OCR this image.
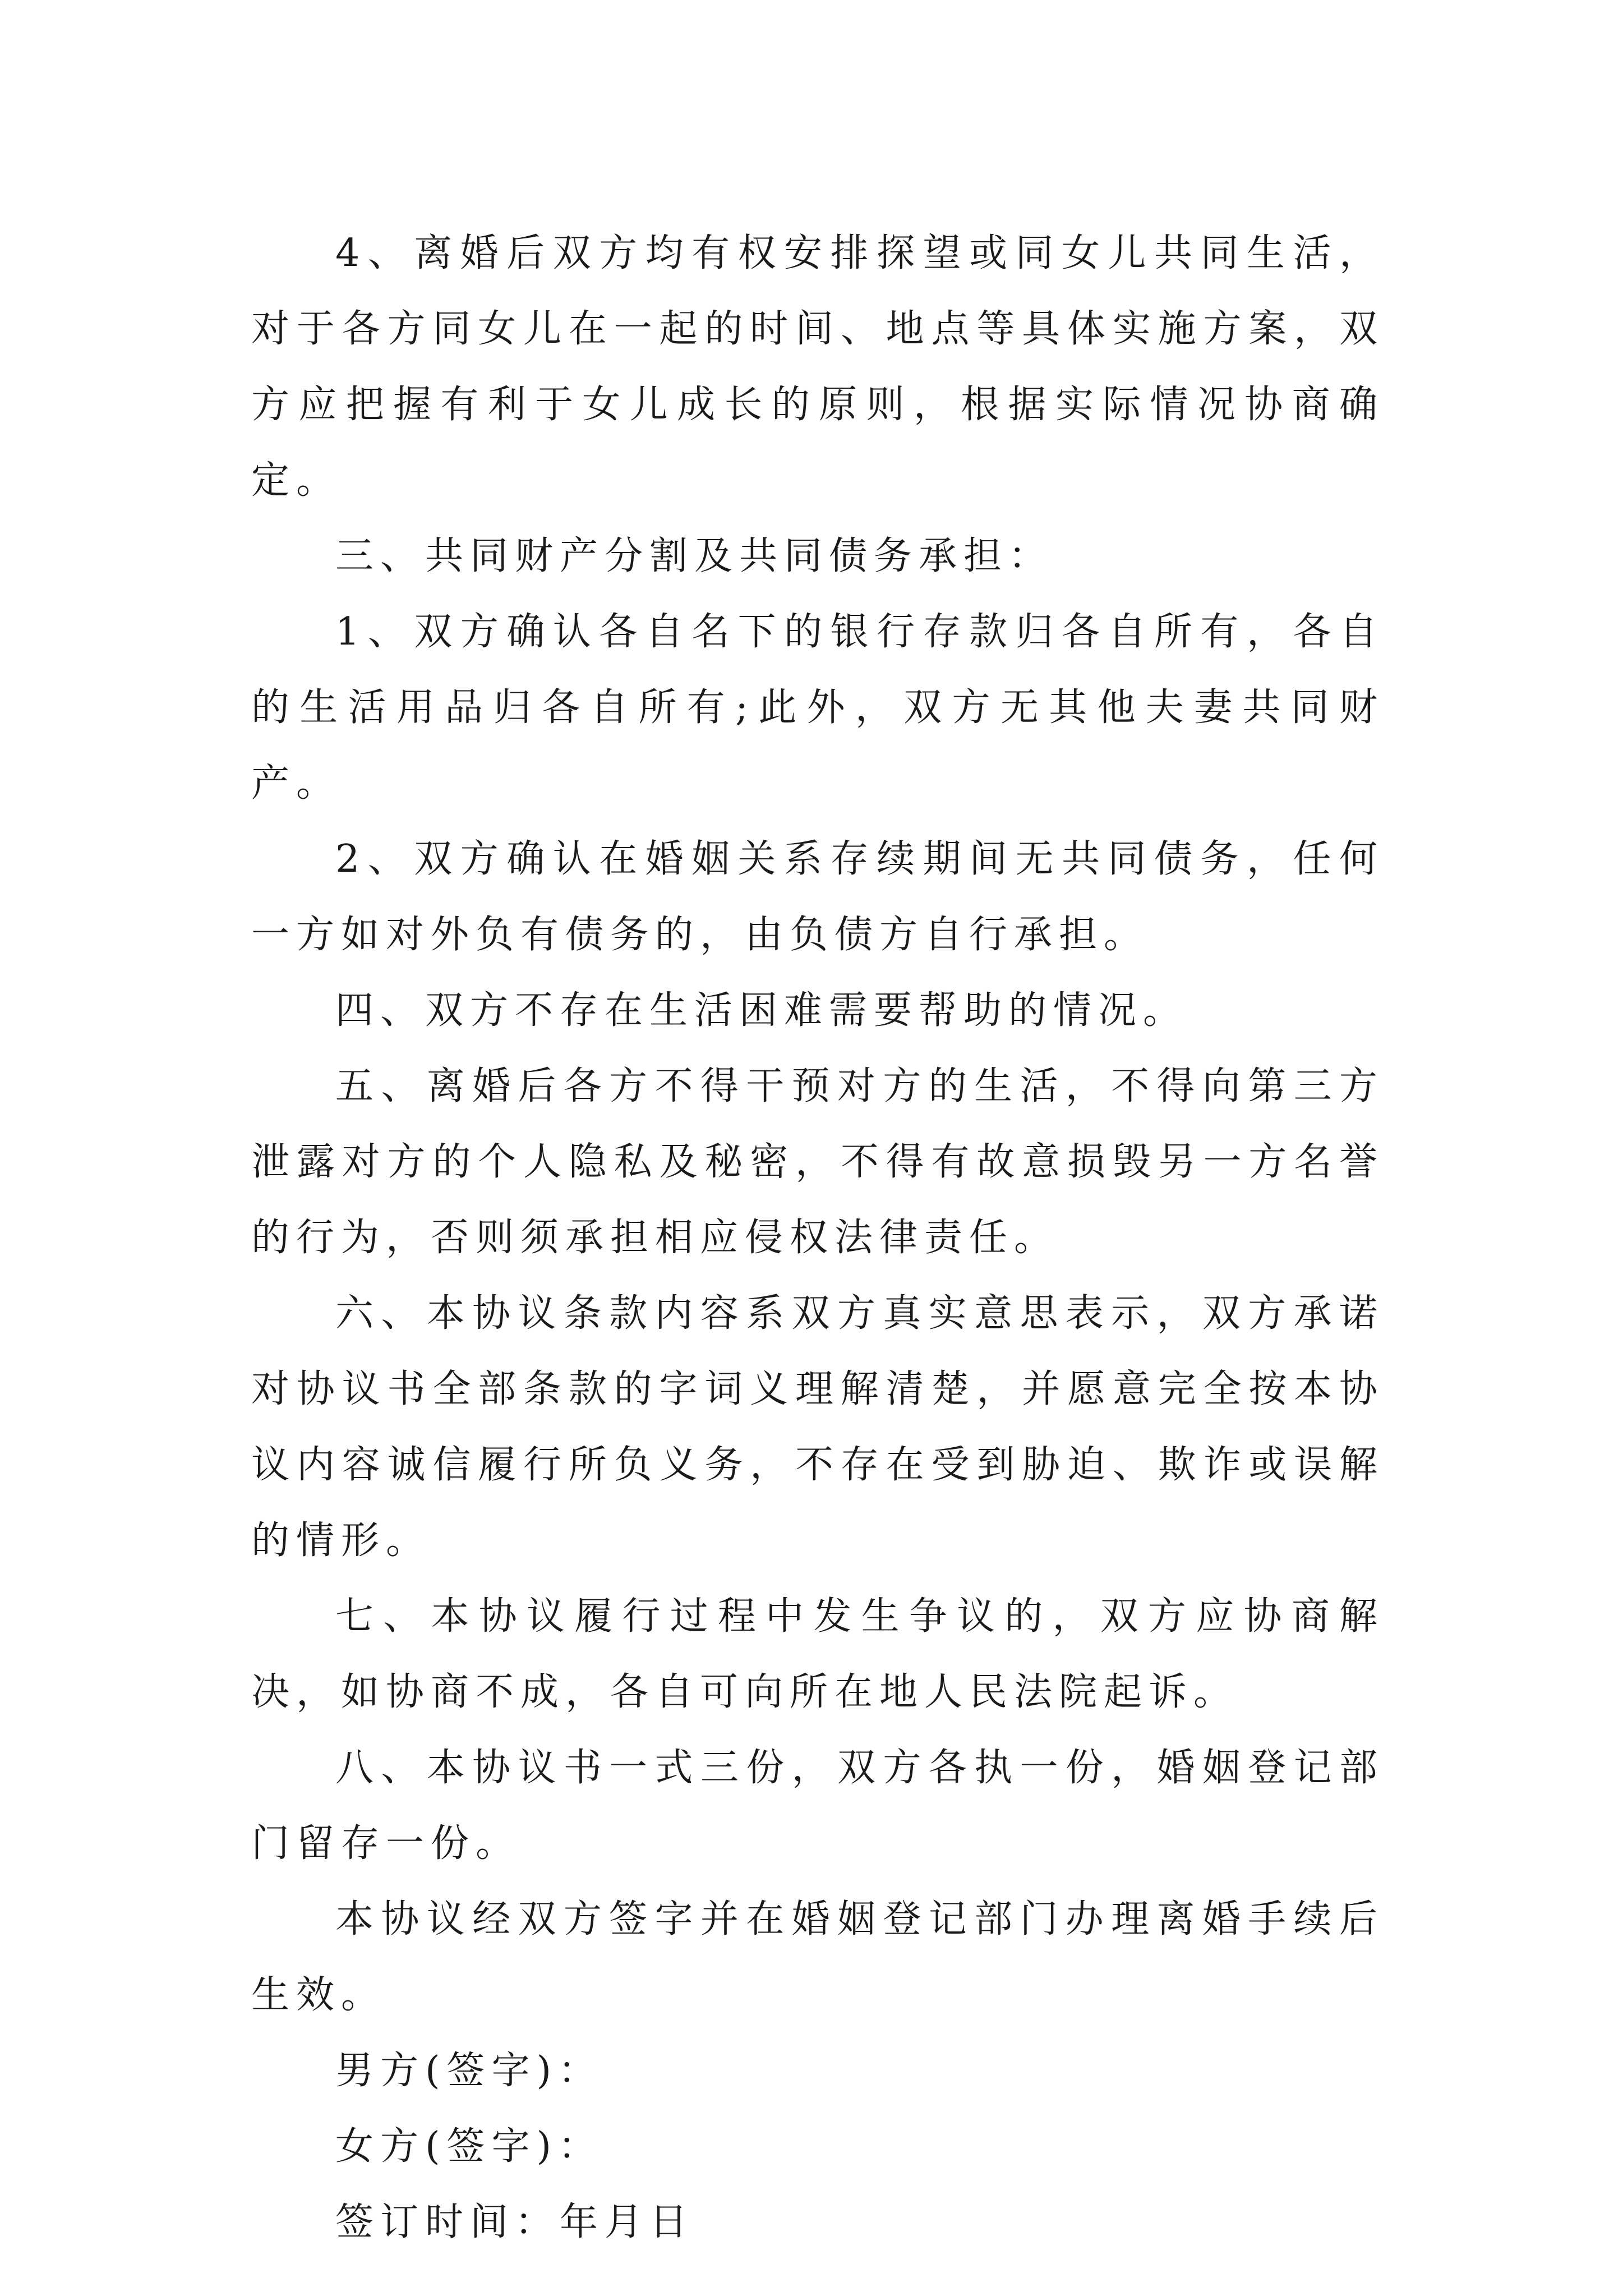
4、离婚后双方均有权安排探望或同女儿共同生活，对于各方同女儿在一起的时间、地点等具体实施方案，双方应把握有利于女儿成长的原则，根据实际情况协商确定。

三、共同财产分割及共同债务承担：

1、双方确认各自名下的银行存款归各自所有，各自的生活用品归各自所有;此外，双方无其他夫妻共同财产。

2、双方确认在婚姻关系存续期间无共同债务，任何一方如对外负有债务的，由负债方自行承担。

四、双方不存在生活困难需要帮助的情况。

五、离婚后各方不得干预对方的生活，不得向第三方泄露对方的个人隐私及秘密，不得有故意损毁另一方名誉的行为，否则须承担相应侵权法律责任。

六、本协议条款内容系双方真实意思表示，双方承诺对协议书全部条款的字词义理解清楚，并愿意完全按本协议内容诚信履行所负义务，不存在受到胁迫、欺诈或误解的情形。

七、本协议履行过程中发生争议的，双方应协商解决，如协商不成，各自可向所在地人民法院起诉。

八、本协议书一式三份，双方各执一份，婚姻登记部门留存一份。

本协议经双方签字并在婚姻登记部门办理离婚手续后生效。

男方(签字)：

女方(签字)：

签订时间：年月日
